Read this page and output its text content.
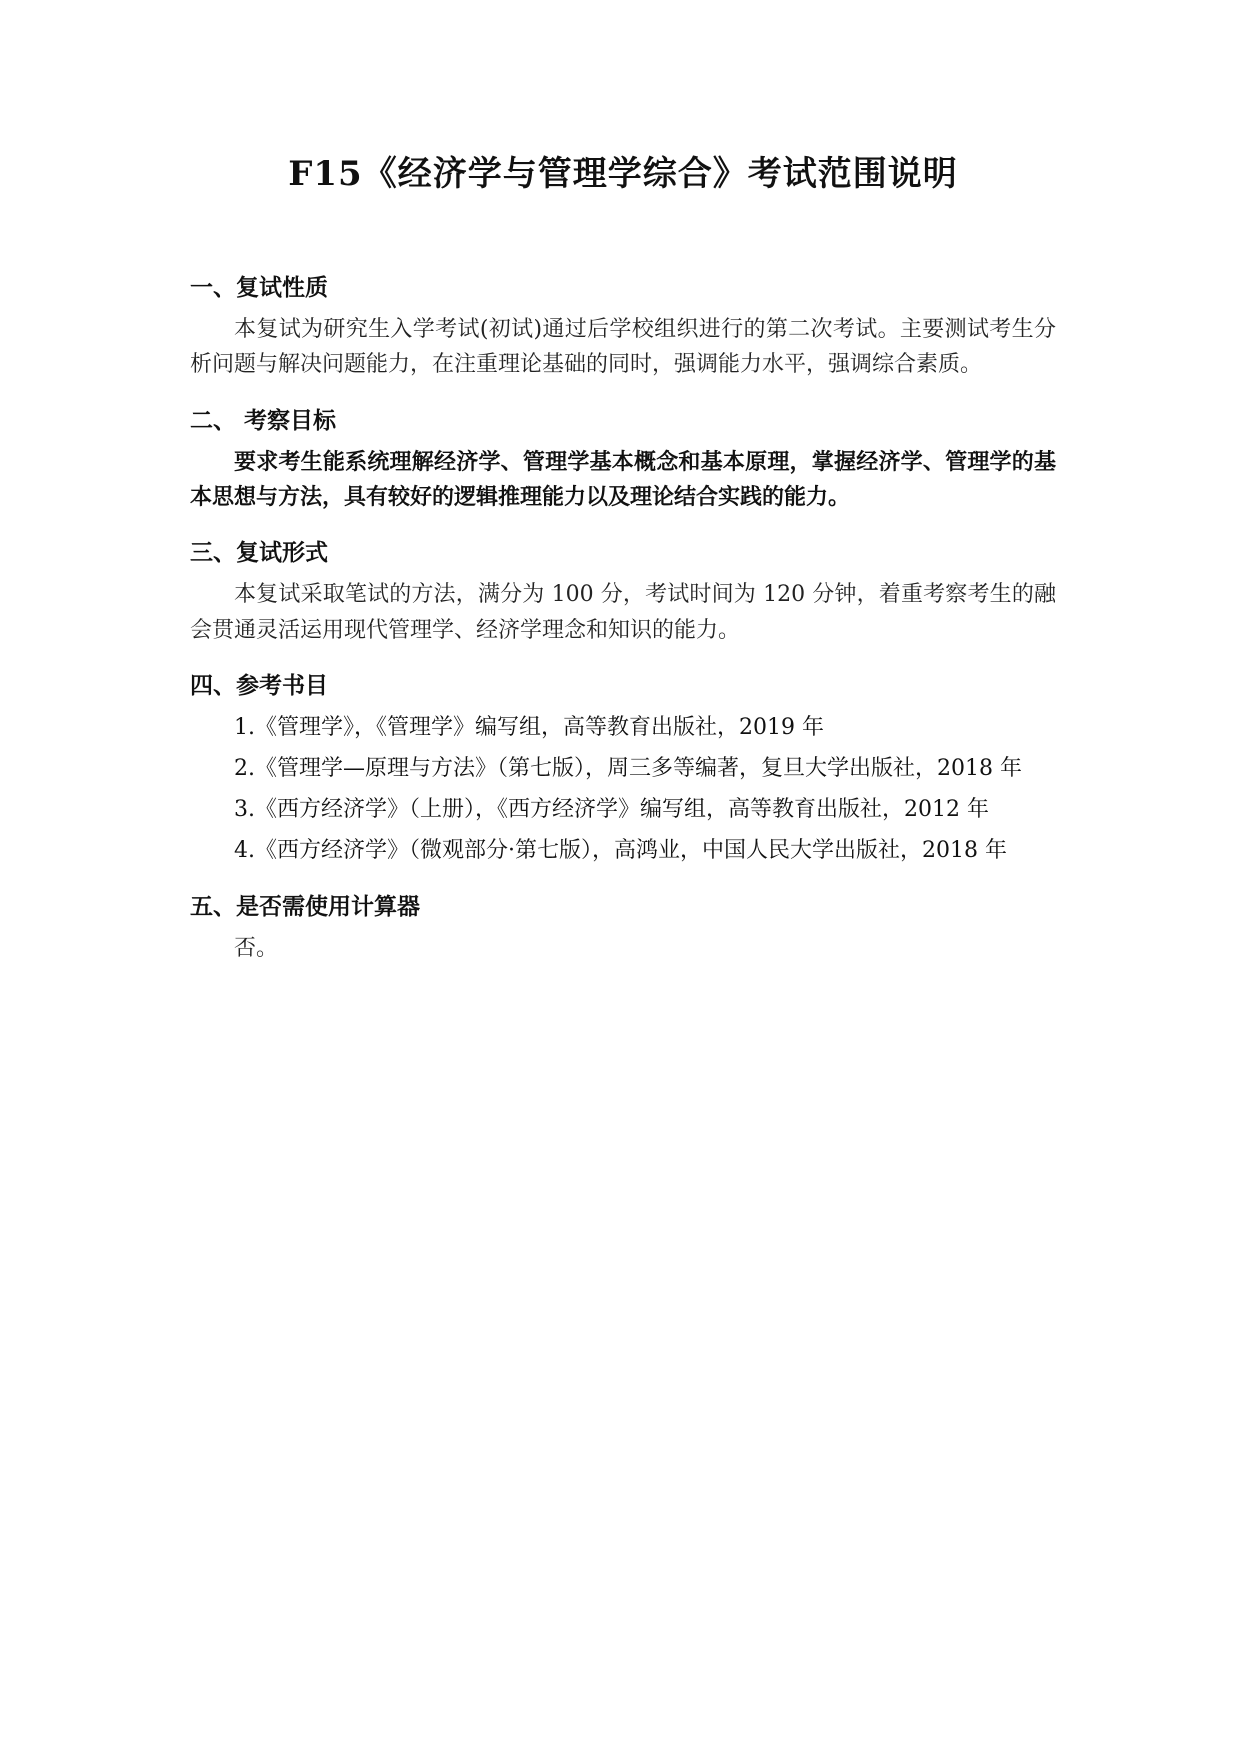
F15《经济学与管理学综合》考试范围说明
一、复试性质

本复试为研究生入学考试(初试)通过后学校组织进行的第二次考试。主要测试考生分析问题与解决问题能力，在注重理论基础的同时，强调能力水平，强调综合素质。

二、 考察目标

要求考生能系统理解经济学、管理学基本概念和基本原理，掌握经济学、管理学的基本思想与方法，具有较好的逻辑推理能力以及理论结合实践的能力。

三、复试形式

本复试采取笔试的方法，满分为 100 分，考试时间为 120 分钟，着重考察考生的融会贯通灵活运用现代管理学、经济学理念和知识的能力。

四、参考书目
1.《管理学》，《管理学》编写组，高等教育出版社，2019 年
2.《管理学—原理与方法》（第七版），周三多等编著，复旦大学出版社，2018 年
3.《西方经济学》（上册），《西方经济学》编写组，高等教育出版社，2012 年
4.《西方经济学》（微观部分·第七版），高鸿业，中国人民大学出版社，2018 年
五、是否需使用计算器

否。
